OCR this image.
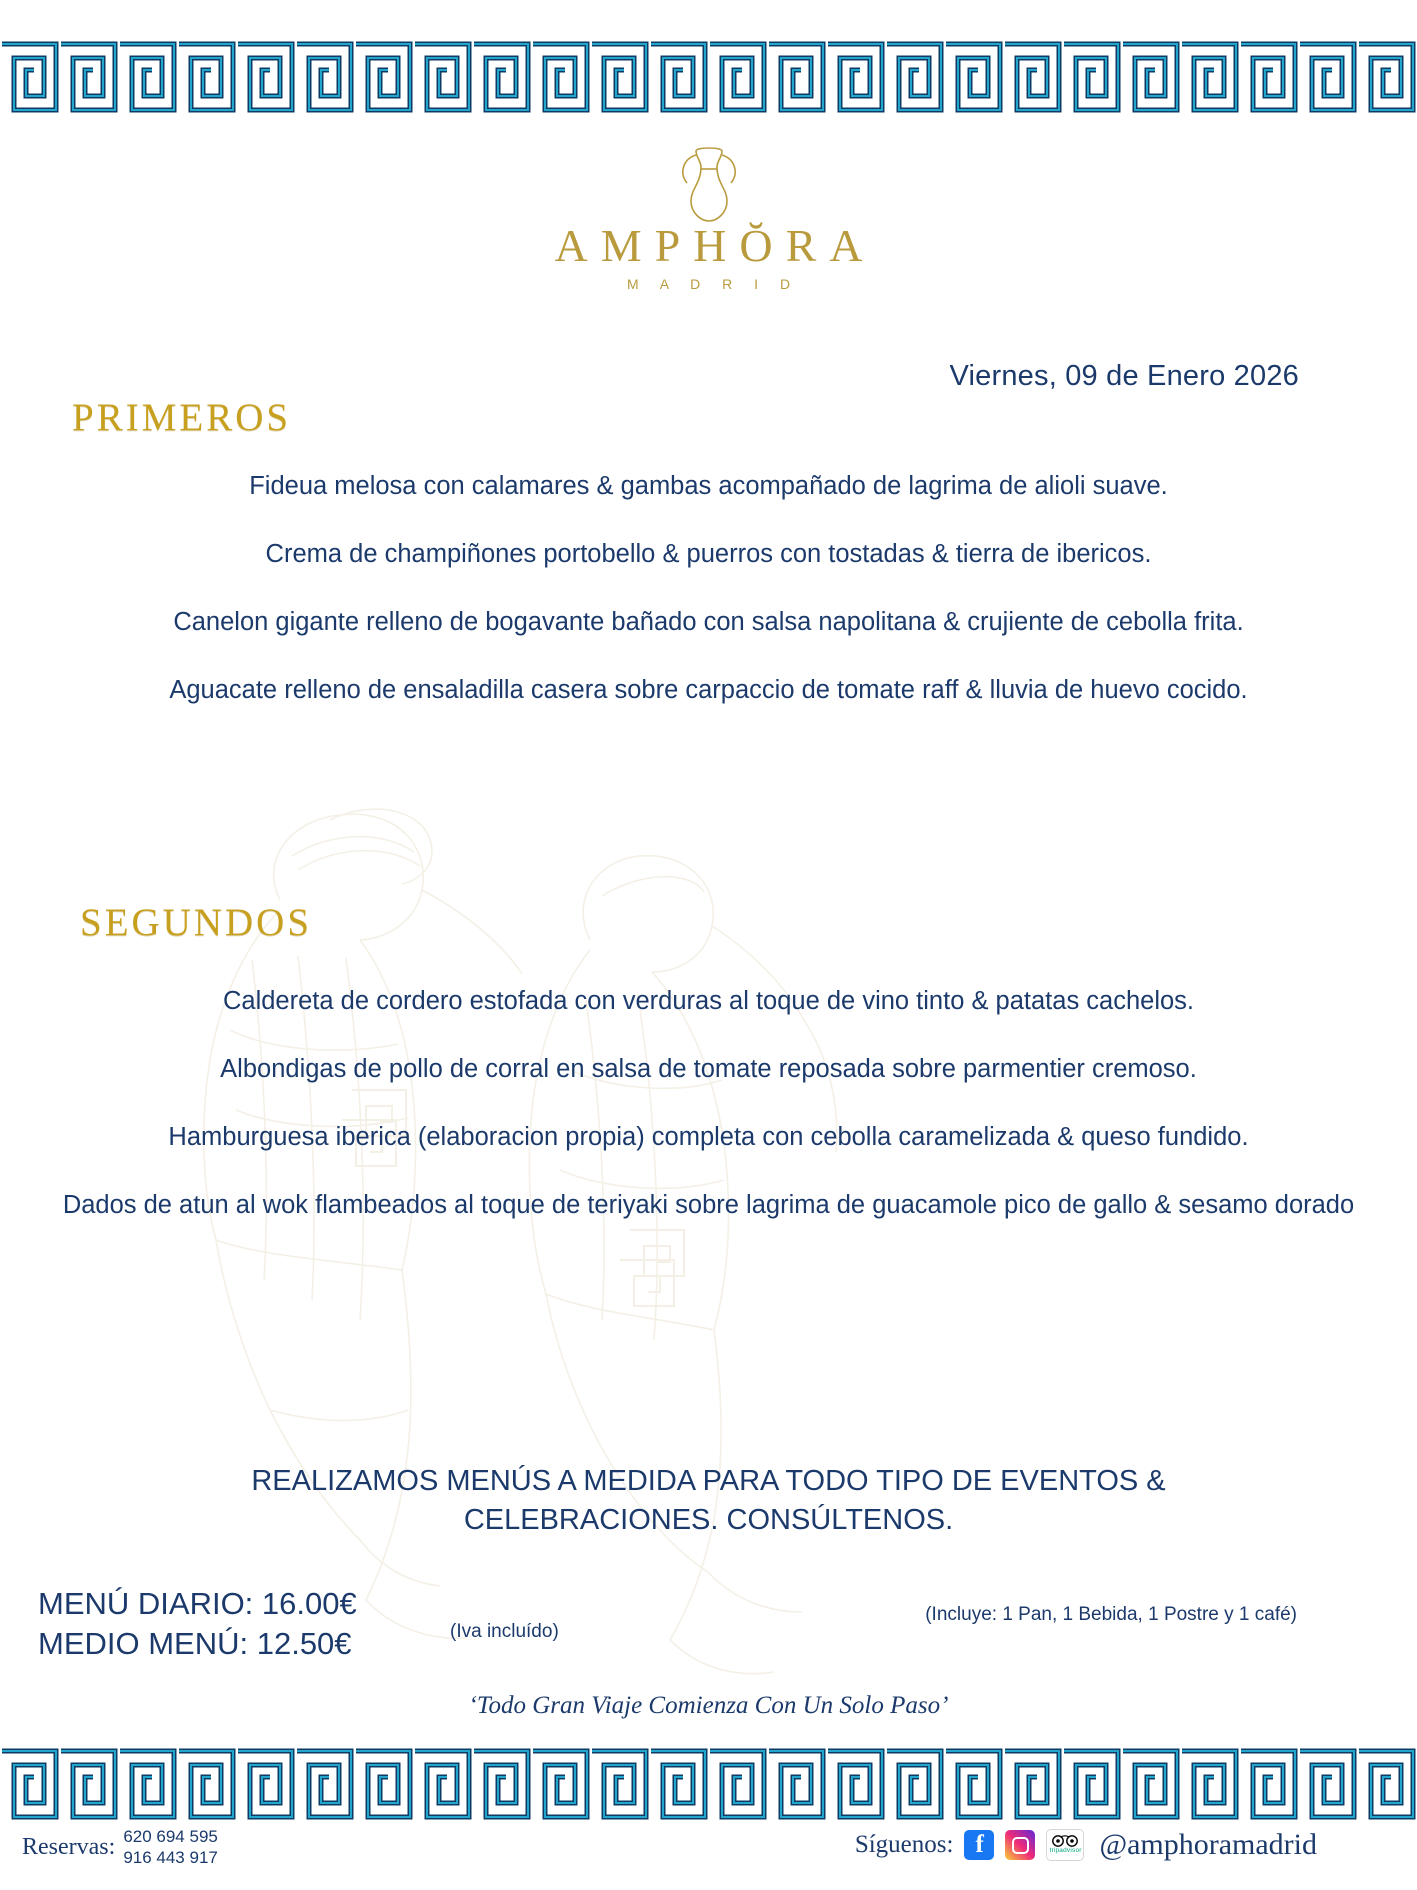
AMPHŎRA
M A D R I D
Viernes, 09 de Enero 2026
PRIMEROS

Fideua melosa con calamares & gambas acompañado de lagrima de alioli suave.

Crema de champiñones portobello & puerros con tostadas & tierra de ibericos.

Canelon gigante relleno de bogavante bañado con salsa napolitana & crujiente de cebolla frita.

Aguacate relleno de ensaladilla casera sobre carpaccio de tomate raff & lluvia de huevo cocido.

SEGUNDOS

Caldereta de cordero estofada con verduras al toque de vino tinto & patatas cachelos.

Albondigas de pollo de corral en salsa de tomate reposada sobre parmentier cremoso.

Hamburguesa iberica (elaboracion propia) completa con cebolla caramelizada & queso fundido.

Dados de atun al wok flambeados al toque de teriyaki sobre lagrima de guacamole pico de gallo & sesamo dorado

REALIZAMOS MENÚS A MEDIDA PARA TODO TIPO DE EVENTOS &
CELEBRACIONES. CONSÚLTENOS.
MENÚ DIARIO: 16.00€
MEDIO MENÚ: 12.50€	(Iva incluído)
(Incluye: 1 Pan, 1 Bebida, 1 Postre y 1 café)
‘Todo Gran Viaje Comienza Con Un Solo Paso’
Reservas: 620 694 595
916 443 917	Síguenos: f	tripadvisor @amphoramadrid
